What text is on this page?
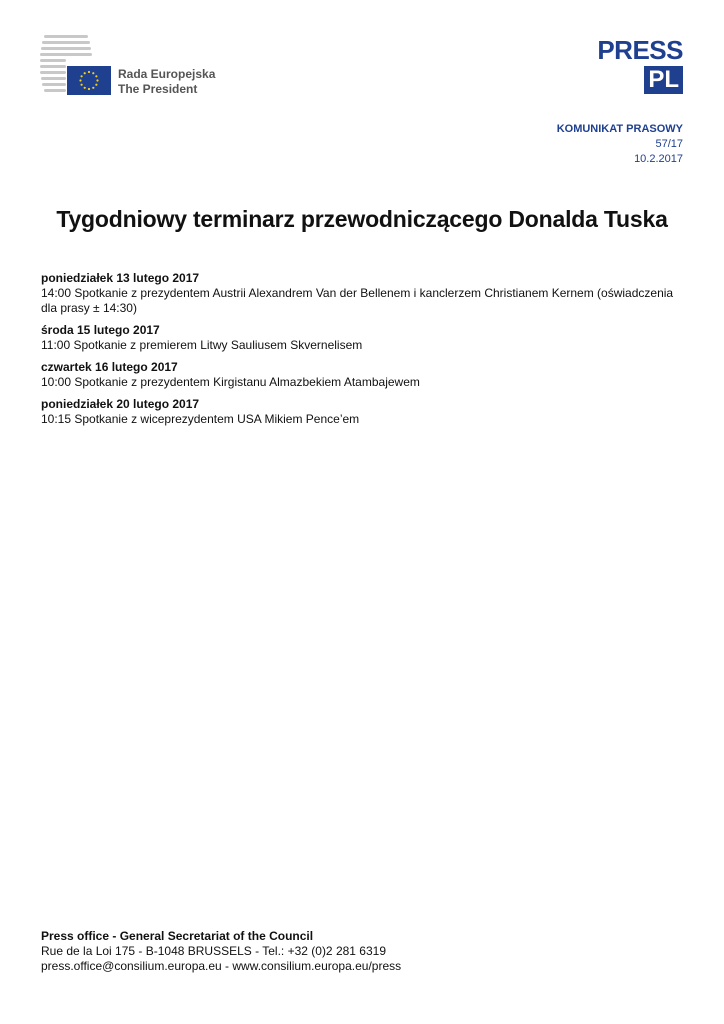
Rada Europejska
The President
PRESS
PL
KOMUNIKAT PRASOWY
57/17
10.2.2017
Tygodniowy terminarz przewodniczącego Donalda Tuska
poniedziałek 13 lutego 2017
14:00 Spotkanie z prezydentem Austrii Alexandrem Van der Bellenem i kanclerzem Christianem Kernem (oświadczenia dla prasy ± 14:30)
środa 15 lutego 2017
11:00 Spotkanie z premierem Litwy Sauliusem Skvernelisem
czwartek 16 lutego 2017
10:00 Spotkanie z prezydentem Kirgistanu Almazbekiem Atambajewem
poniedziałek 20 lutego 2017
10:15 Spotkanie z wiceprezydentem USA Mikiem Pence’em
Press office - General Secretariat of the Council
Rue de la Loi 175 - B-1048 BRUSSELS - Tel.: +32 (0)2 281 6319
press.office@consilium.europa.eu - www.consilium.europa.eu/press
